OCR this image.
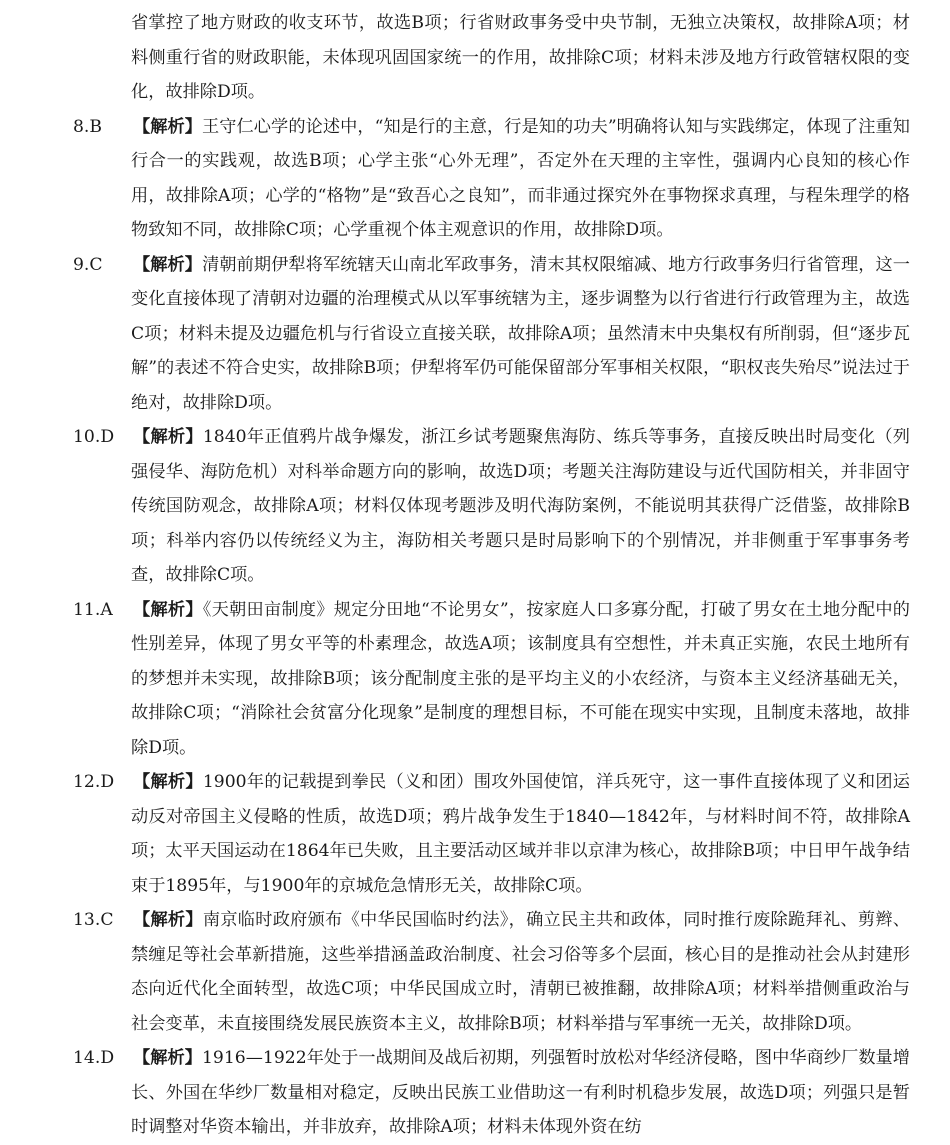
省掌控了地方财政的收支环节，故选B项；行省财政事务受中央节制，无独立决策权，故排除A项；材料侧重行省的财政职能，未体现巩固国家统一的作用，故排除C项；材料未涉及地方行政管辖权限的变化，故排除D项。

8.B	【解析】王守仁心学的论述中，“知是行的主意，行是知的功夫”明确将认知与实践绑定，体现了注重知行合一的实践观，故选B项；心学主张“心外无理”，否定外在天理的主宰性，强调内心良知的核心作用，故排除A项；心学的“格物”是“致吾心之良知”，而非通过探究外在事物探求真理，与程朱理学的格物致知不同，故排除C项；心学重视个体主观意识的作用，故排除D项。
9.C	【解析】清朝前期伊犁将军统辖天山南北军政事务，清末其权限缩减、地方行政事务归行省管理，这一变化直接体现了清朝对边疆的治理模式从以军事统辖为主，逐步调整为以行省进行行政管理为主，故选C项；材料未提及边疆危机与行省设立直接关联，故排除A项；虽然清末中央集权有所削弱，但“逐步瓦解”的表述不符合史实，故排除B项；伊犁将军仍可能保留部分军事相关权限，“职权丧失殆尽”说法过于绝对，故排除D项。
10.D	【解析】1840年正值鸦片战争爆发，浙江乡试考题聚焦海防、练兵等事务，直接反映出时局变化（列强侵华、海防危机）对科举命题方向的影响，故选D项；考题关注海防建设与近代国防相关，并非固守传统国防观念，故排除A项；材料仅体现考题涉及明代海防案例，不能说明其获得广泛借鉴，故排除B项；科举内容仍以传统经义为主，海防相关考题只是时局影响下的个别情况，并非侧重于军事事务考查，故排除C项。
11.A	【解析】《天朝田亩制度》规定分田地“不论男女”，按家庭人口多寡分配，打破了男女在土地分配中的性别差异，体现了男女平等的朴素理念，故选A项；该制度具有空想性，并未真正实施，农民土地所有的梦想并未实现，故排除B项；该分配制度主张的是平均主义的小农经济，与资本主义经济基础无关，故排除C项；“消除社会贫富分化现象”是制度的理想目标，不可能在现实中实现，且制度未落地，故排除D项。
12.D	【解析】1900年的记载提到拳民（义和团）围攻外国使馆，洋兵死守，这一事件直接体现了义和团运动反对帝国主义侵略的性质，故选D项；鸦片战争发生于1840—1842年，与材料时间不符，故排除A项；太平天国运动在1864年已失败，且主要活动区域并非以京津为核心，故排除B项；中日甲午战争结束于1895年，与1900年的京城危急情形无关，故排除C项。
13.C	【解析】南京临时政府颁布《中华民国临时约法》，确立民主共和政体，同时推行废除跪拜礼、剪辫、禁缠足等社会革新措施，这些举措涵盖政治制度、社会习俗等多个层面，核心目的是推动社会从封建形态向近代化全面转型，故选C项；中华民国成立时，清朝已被推翻，故排除A项；材料举措侧重政治与社会变革，未直接围绕发展民族资本主义，故排除B项；材料举措与军事统一无关，故排除D项。
14.D	【解析】1916—1922年处于一战期间及战后初期，列强暂时放松对华经济侵略，图中华商纱厂数量增长、外国在华纱厂数量相对稳定，反映出民族工业借助这一有利时机稳步发展，故选D项；列强只是暂时调整对华资本输出，并非放弃，故排除A项；材料未体现外资在纺
